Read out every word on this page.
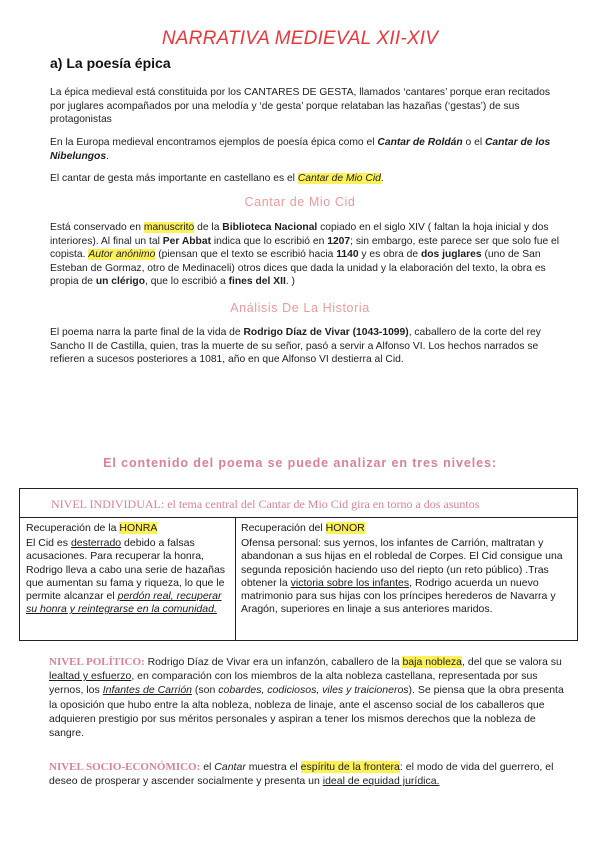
NARRATIVA MEDIEVAL XII-XIV
a) La poesía épica
La épica medieval está constituida por los CANTARES DE GESTA, llamados ‘cantares’ porque eran recitados por juglares acompañados por una melodía y ‘de gesta’ porque relataban las hazañas (‘gestas’) de sus protagonistas
En la Europa medieval encontramos ejemplos de poesía épica como el Cantar de Roldán o el Cantar de los Nibelungos.
El cantar de gesta más importante en castellano es el Cantar de Mio Cid.
Cantar de Mio Cid
Está conservado en manuscrito de la Biblioteca Nacional copiado en el siglo XIV ( faltan la hoja inicial y dos interiores). Al final un tal Per Abbat indica que lo escribió en 1207; sin embargo, este parece ser que solo fue el copista. Autor anónimo (piensan que el texto se escribió hacia 1140 y es obra de dos juglares (uno de San Esteban de Gormaz, otro de Medinaceli) otros dices que dada la unidad y la elaboración del texto, la obra es propia de un clérigo, que lo escribió a fines del XII. )
Análisis De La Historia
El poema narra la parte final de la vida de Rodrigo Díaz de Vivar (1043-1099), caballero de la corte del rey Sancho II de Castilla, quien, tras la muerte de su señor, pasó a servir a Alfonso VI. Los hechos narrados se refieren a sucesos posteriores a 1081, año en que Alfonso VI destierra al Cid.
El contenido del poema se puede analizar en tres niveles:
NIVEL INDIVIDUAL: el tema central del Cantar de Mio Cid gira en torno a dos asuntos
Recuperación de la HONRA
El Cid es desterrado debido a falsas acusaciones. Para recuperar la honra, Rodrigo lleva a cabo una serie de hazañas que aumentan su fama y riqueza, lo que le permite alcanzar el perdón real, recuperar su honra y reintegrarse en la comunidad.
Recuperación del HONOR
Ofensa personal: sus yernos, los infantes de Carrión, maltratan y abandonan a sus hijas en el robledal de Corpes. El Cid consigue una segunda reposición haciendo uso del riepto (un reto público) .Tras obtener la victoria sobre los infantes, Rodrigo acuerda un nuevo matrimonio para sus hijas con los príncipes herederos de Navarra y Aragón, superiores en linaje a sus anteriores maridos.
NIVEL POLÍTICO: Rodrigo Díaz de Vivar era un infanzón, caballero de la baja nobleza, del que se valora su lealtad y esfuerzo, en comparación con los miembros de la alta nobleza castellana, representada por sus yernos, los Infantes de Carrión (son cobardes, codiciosos, viles y traicioneros). Se piensa que la obra presenta la oposición que hubo entre la alta nobleza, nobleza de linaje, ante el ascenso social de los caballeros que adquieren prestigio por sus méritos personales y aspiran a tener los mismos derechos que la nobleza de sangre.
NIVEL SOCIO-ECONÓMICO: el Cantar muestra el espíritu de la frontera: el modo de vida del guerrero, el deseo de prosperar y ascender socialmente y presenta un ideal de equidad jurídica.
